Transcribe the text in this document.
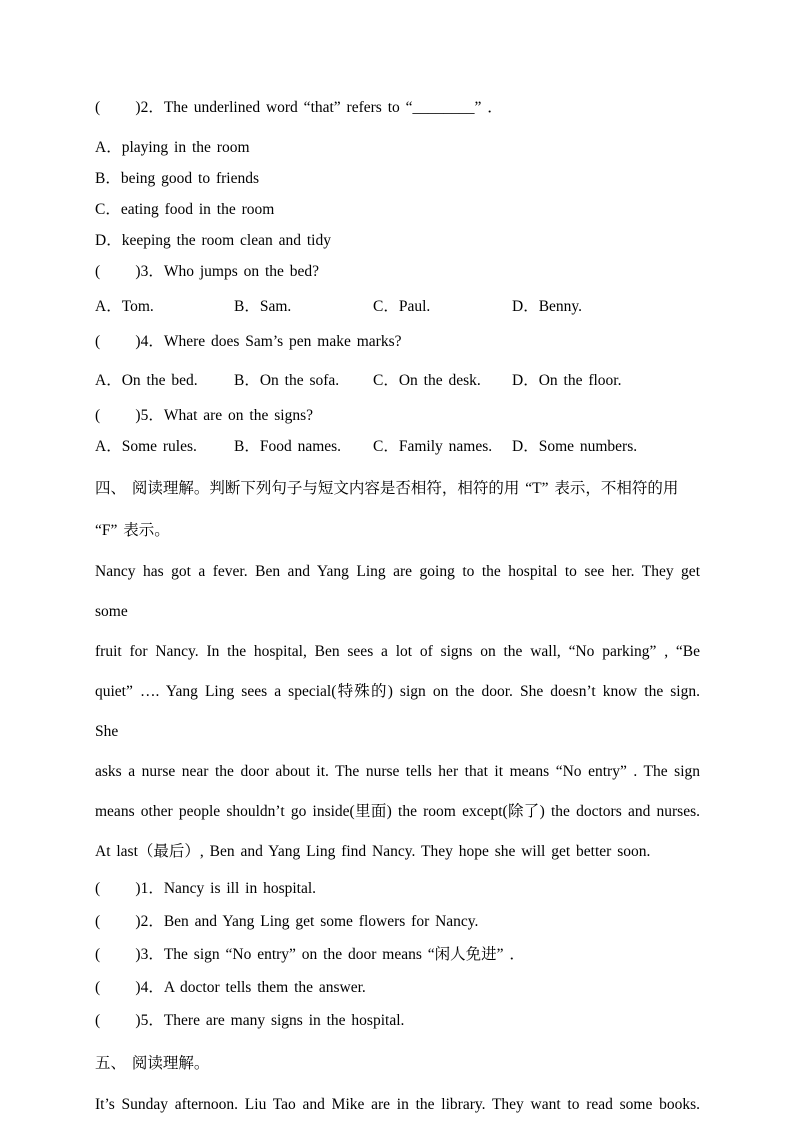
(      )2．The underlined word “that” refers to “________” ．
A．playing in the room
B．being good to friends
C．eating food in the room
D．keeping the room clean and tidy
(      )3．Who jumps on the bed?
A．Tom.	B．Sam.	C．Paul.	D．Benny.
(      )4．Where does Sam’s pen make marks?
A．On the bed.	B．On the sofa.	C．On the desk.	D．On the floor.
(      )5．What are on the signs?
A．Some rules.	B．Food names.	C．Family names.	D．Some numbers.
四、 阅读理解。判断下列句子与短文内容是否相符，相符的用 “T” 表示，不相符的用
“F” 表示。
Nancy has got a fever. Ben and Yang Ling are going to the hospital to see her. They get some
fruit for Nancy. In the hospital, Ben sees a lot of signs on the wall, “No parking” , “Be
quiet” …. Yang Ling sees a special(特殊的) sign on the door. She doesn’t know the sign. She
asks a nurse near the door about it. The nurse tells her that it means “No entry” . The sign
means other people shouldn’t go inside(里面) the room except(除了) the doctors and nurses.
At last（最后）, Ben and Yang Ling find Nancy. They hope she will get better soon.
(      )1．Nancy is ill in hospital.
(      )2．Ben and Yang Ling get some flowers for Nancy.
(      )3．The sign “No entry” on the door means “闲人免进” ．
(      )4．A doctor tells them the answer.
(      )5．There are many signs in the hospital.
五、 阅读理解。
It’s Sunday afternoon. Liu Tao and Mike are in the library. They want to read some books.
